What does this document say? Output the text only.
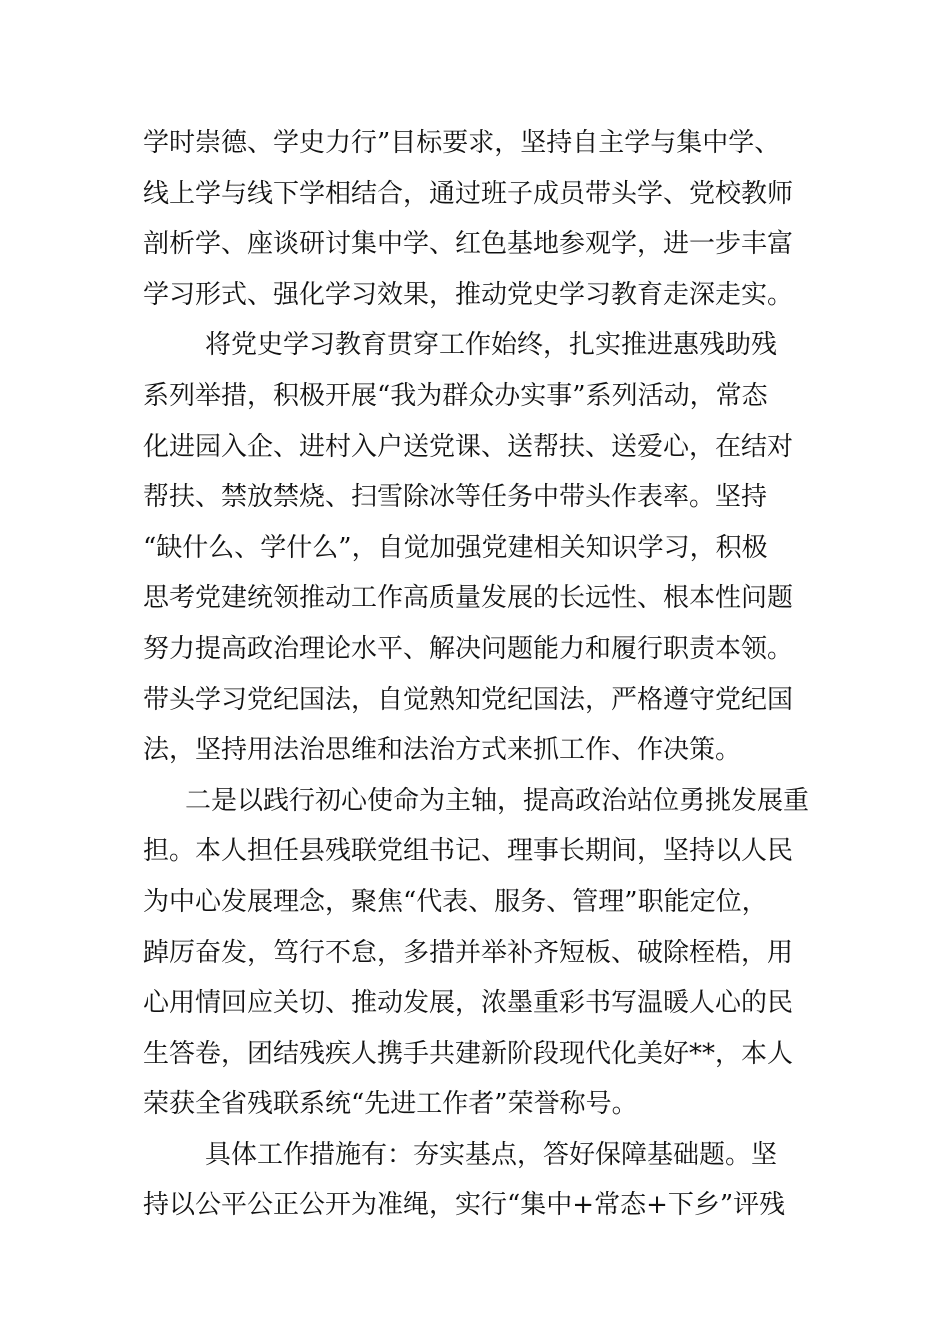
学时崇德、学史力行”目标要求，坚持自主学与集中学、
线上学与线下学相结合，通过班子成员带头学、党校教师
剖析学、座谈研讨集中学、红色基地参观学，进一步丰富
学习形式、强化学习效果，推动党史学习教育走深走实。
将党史学习教育贯穿工作始终，扎实推进惠残助残
系列举措，积极开展“我为群众办实事”系列活动，常态
化进园入企、进村入户送党课、送帮扶、送爱心，在结对
帮扶、禁放禁烧、扫雪除冰等任务中带头作表率。坚持
“缺什么、学什么”，自觉加强党建相关知识学习，积极
思考党建统领推动工作高质量发展的长远性、根本性问题
努力提高政治理论水平、解决问题能力和履行职责本领。
带头学习党纪国法，自觉熟知党纪国法，严格遵守党纪国
法，坚持用法治思维和法治方式来抓工作、作决策。
二是以践行初心使命为主轴，提高政治站位勇挑发展重
担。本人担任县残联党组书记、理事长期间，坚持以人民
为中心发展理念，聚焦“代表、服务、管理”职能定位，
踔厉奋发，笃行不怠，多措并举补齐短板、破除桎梏，用
心用情回应关切、推动发展，浓墨重彩书写温暖人心的民
生答卷，团结残疾人携手共建新阶段现代化美好**，本人
荣获全省残联系统“先进工作者”荣誉称号。
具体工作措施有：夯实基点，答好保障基础题。坚
持以公平公正公开为准绳，实行“集中+常态+下乡”评残
